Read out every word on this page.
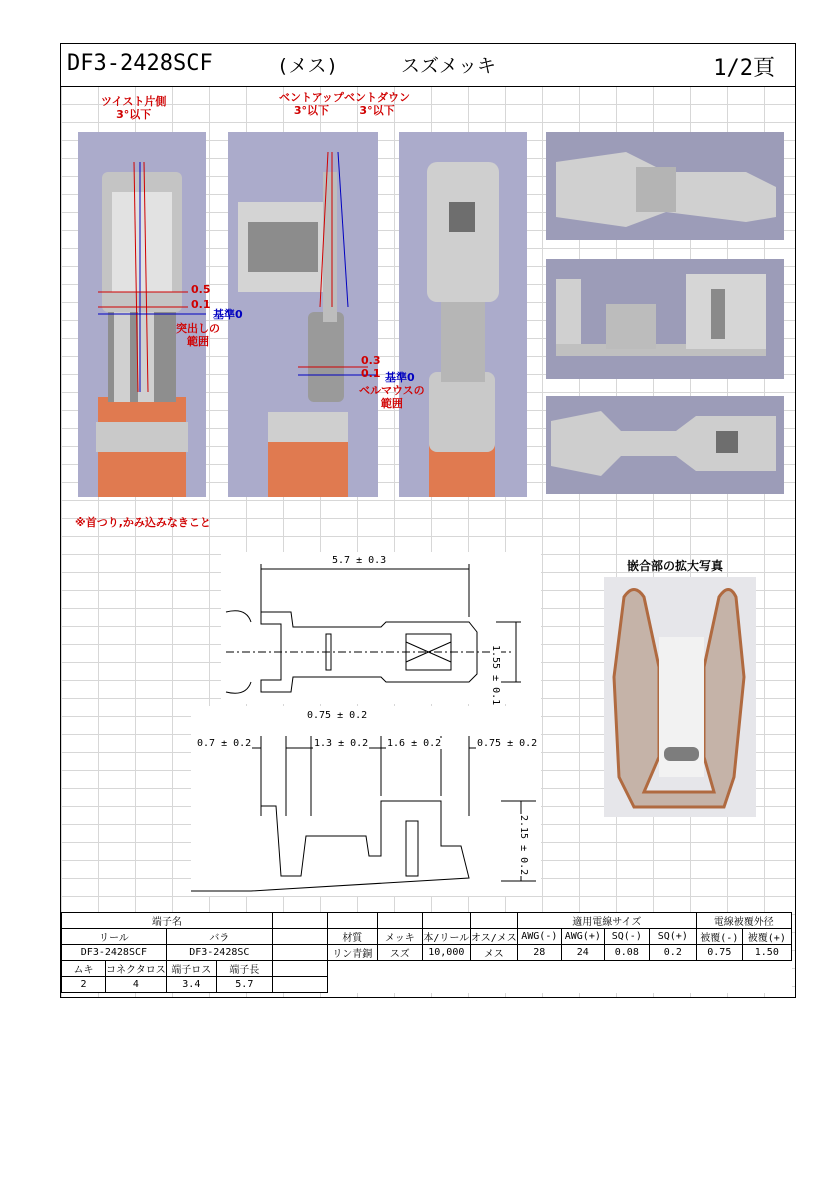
DF3-2428SCF	(メス)	スズメッキ	1/2頁
ツイスト片側
3°以下
ベントアップ
3°以下
ベントダウン
3°以下
0.5
0.1
基準0
突出しの
範囲
0.3
0.1 基準0
ベルマウスの
範囲
※首つり,かみ込みなきこと
5.7 ± 0.3
1.55 ± 0.1
0.75 ± 0.2
0.7 ± 0.2	1.3 ± 0.2 1.6 ± 0.2	0.75 ± 0.2
2.15 ± 0.2
嵌合部の拡大写真
端子名									適用電線サイズ				電線被覆外径	
リール		バラ			材質	メッキ	本/リール	オス/メス	AWG(-)	AWG(+)	SQ(-)	SQ(+)	被覆(-)	被覆(+)
DF3-2428SCF		DF3-2428SC			リン青銅	スズ	10,000	メス	28	24	0.08	0.2	0.75	1.50
ムキ	コネクタロス	端子ロス	端子長											
2	4	3.4	5.7											
